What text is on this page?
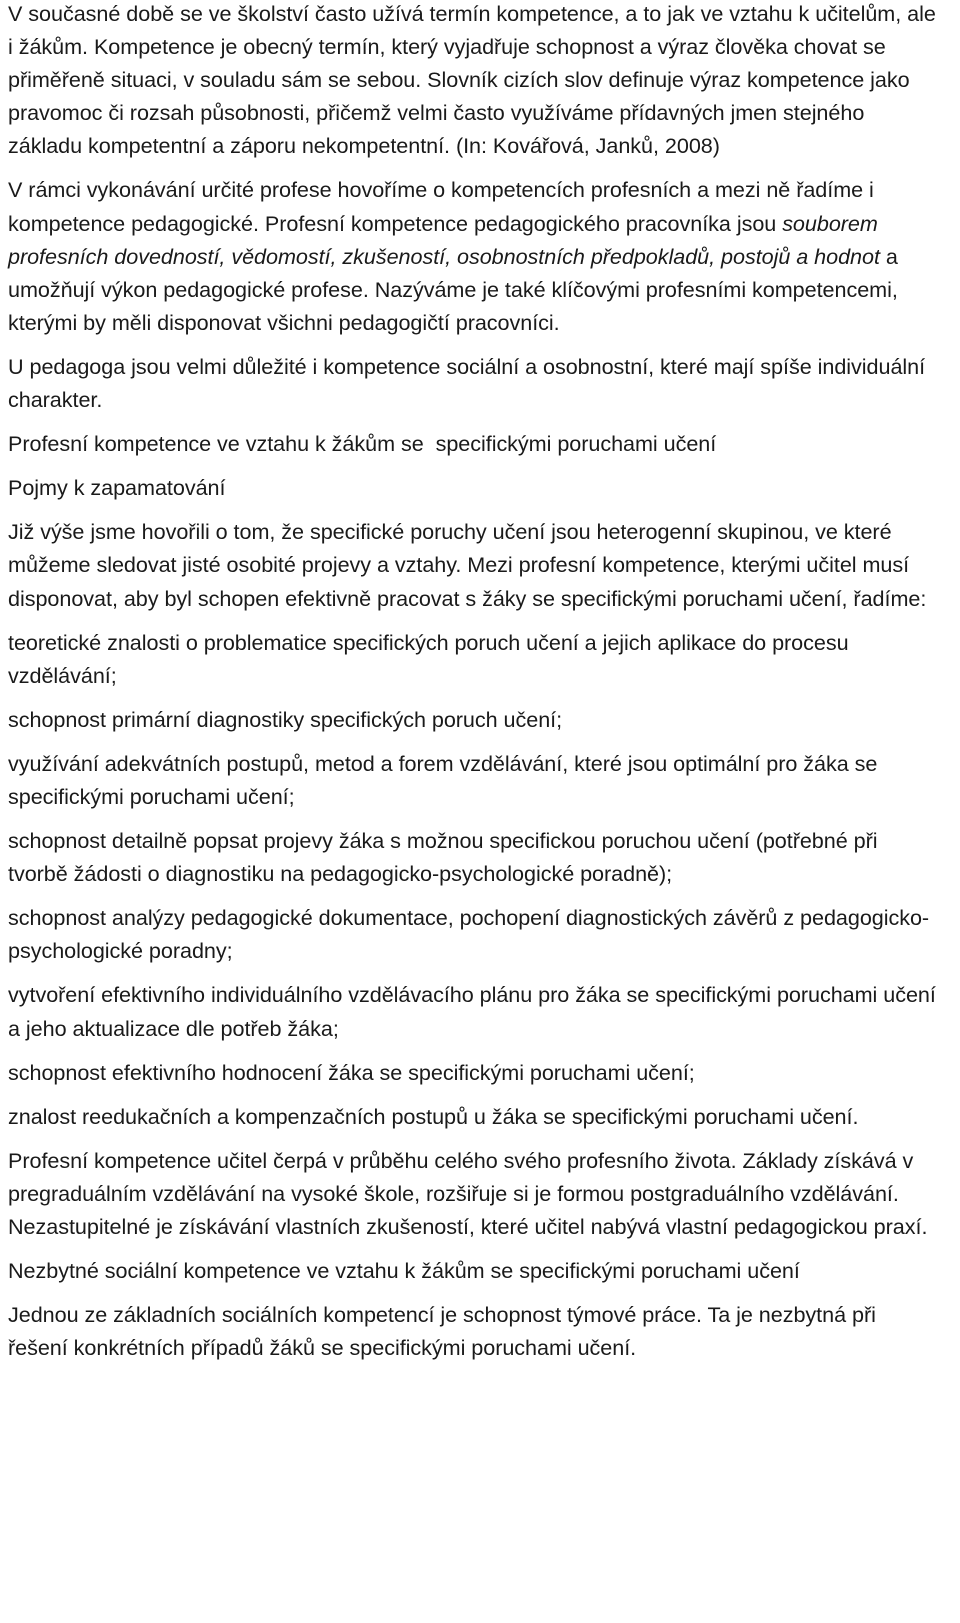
V současné době se ve školství často užívá termín kompetence, a to jak ve vztahu k učitelům, ale i žákům. Kompetence je obecný termín, který vyjadřuje schopnost a výraz člověka chovat se přiměřeně situaci, v souladu sám se sebou. Slovník cizích slov definuje výraz kompetence jako pravomoc či rozsah působnosti, přičemž velmi často využíváme přídavných jmen stejného základu kompetentní a záporu nekompetentní. (In: Kovářová, Janků, 2008)

V rámci vykonávání určité profese hovoříme o kompetencích profesních a mezi ně řadíme i kompetence pedagogické. Profesní kompetence pedagogického pracovníka jsou souborem profesních dovedností, vědomostí, zkušeností, osobnostních předpokladů, postojů a hodnot a umožňují výkon pedagogické profese. Nazýváme je také klíčovými profesními kompetencemi, kterými by měli disponovat všichni pedagogičtí pracovníci.

U pedagoga jsou velmi důležité i kompetence sociální a osobnostní, které mají spíše individuální charakter.

Profesní kompetence ve vztahu k žákům se  specifickými poruchami učení

Pojmy k zapamatování

Již výše jsme hovořili o tom, že specifické poruchy učení jsou heterogenní skupinou, ve které můžeme sledovat jisté osobité projevy a vztahy. Mezi profesní kompetence, kterými učitel musí disponovat, aby byl schopen efektivně pracovat s žáky se specifickými poruchami učení, řadíme:

teoretické znalosti o problematice specifických poruch učení a jejich aplikace do procesu vzdělávání;

schopnost primární diagnostiky specifických poruch učení;

využívání adekvátních postupů, metod a forem vzdělávání, které jsou optimální pro žáka se specifickými poruchami učení;

schopnost detailně popsat projevy žáka s možnou specifickou poruchou učení (potřebné při tvorbě žádosti o diagnostiku na pedagogicko-psychologické poradně);

schopnost analýzy pedagogické dokumentace, pochopení diagnostických závěrů z pedagogicko-psychologické poradny;

vytvoření efektivního individuálního vzdělávacího plánu pro žáka se specifickými poruchami učení a jeho aktualizace dle potřeb žáka;

schopnost efektivního hodnocení žáka se specifickými poruchami učení;

znalost reedukačních a kompenzačních postupů u žáka se specifickými poruchami učení.

Profesní kompetence učitel čerpá v průběhu celého svého profesního života. Základy získává v pregraduálním vzdělávání na vysoké škole, rozšiřuje si je formou postgraduálního vzdělávání. Nezastupitelné je získávání vlastních zkušeností, které učitel nabývá vlastní pedagogickou praxí.

Nezbytné sociální kompetence ve vztahu k žákům se specifickými poruchami učení

Jednou ze základních sociálních kompetencí je schopnost týmové práce. Ta je nezbytná při řešení konkrétních případů žáků se specifickými poruchami učení.
